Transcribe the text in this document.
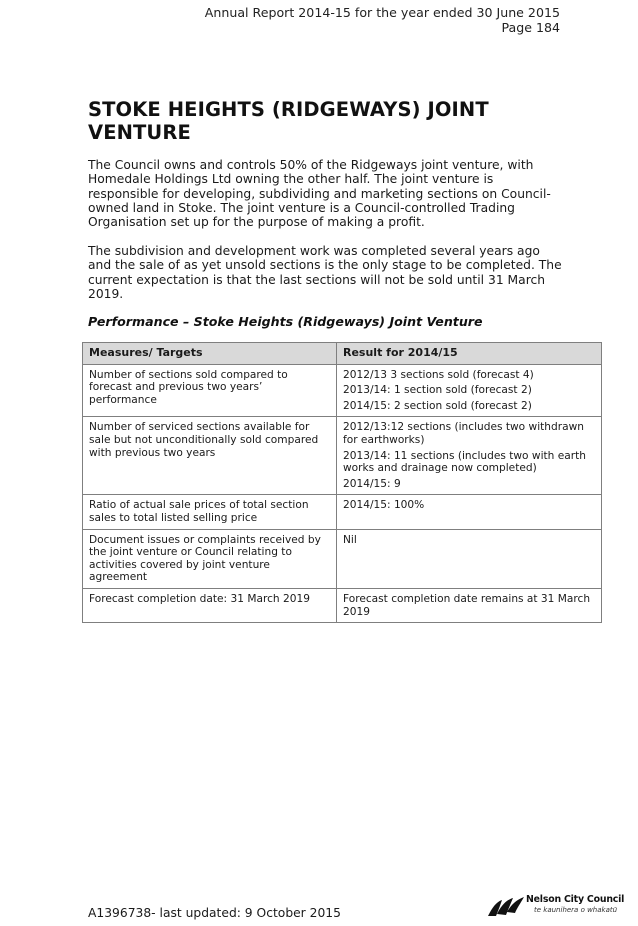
Annual Report 2014-15 for the year ended 30 June 2015
Page 184
STOKE HEIGHTS (RIDGEWAYS) JOINT VENTURE

The Council owns and controls 50% of the Ridgeways joint venture, with Homedale Holdings Ltd owning the other half. The joint venture is responsible for developing, subdividing and marketing sections on Council-owned land in Stoke. The joint venture is a Council-controlled Trading Organisation set up for the purpose of making a profit.

The subdivision and development work was completed several years ago and the sale of as yet unsold sections is the only stage to be completed. The current expectation is that the last sections will not be sold until 31 March 2019.

Performance – Stoke Heights (Ridgeways) Joint Venture

Measures/ Targets	Result for 2014/15
Number of sections sold compared to forecast and previous two years’ performance	2012/13 3 sections sold (forecast 4)
2013/14: 1 section sold (forecast 2)
2014/15: 2 section sold (forecast 2)

Number of serviced sections available for sale but not unconditionally sold compared with previous two years	2012/13:12 sections (includes two withdrawn for earthworks)
2013/14: 11 sections (includes two with earth works and drainage now completed)
2014/15: 9

Ratio of actual sale prices of total section sales to total listed selling price	2014/15: 100%

Document issues or complaints received by the joint venture or Council relating to activities covered by joint venture agreement	Nil

Forecast completion date: 31 March 2019	Forecast completion date remains at 31 March 2019
A1396738- last updated: 9 October 2015
Nelson City Council
te kaunihera o whakatū
